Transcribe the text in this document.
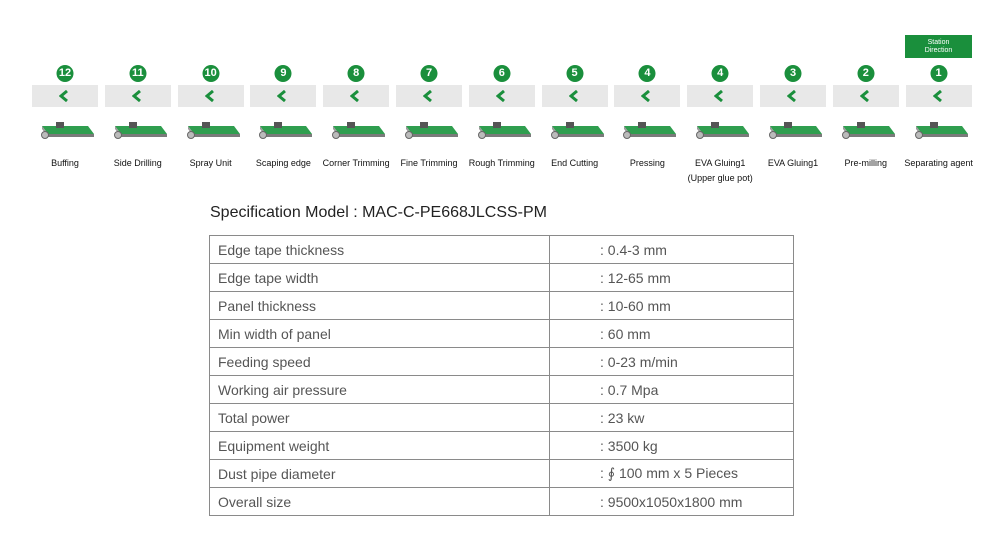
Station
Direction
12
Buffing
11
Side Drilling
10
Spray Unit
9
Scaping edge
8
Corner Trimming
7
Fine Trimming
6
Rough Trimming
5
End Cutting
4
Pressing
4
EVA Gluing1
(Upper glue pot)
3
EVA Gluing1
2
Pre-milling
1
Separating agent
Specification Model : MAC-C-PE668JLCSS-PM
Edge tape thickness	: 0.4-3 mm
Edge tape width	: 12-65 mm
Panel thickness	: 10-60 mm
Min width of panel	: 60 mm
Feeding speed	: 0-23 m/min
Working air pressure	: 0.7 Mpa
Total power	: 23 kw
Equipment weight	: 3500 kg
Dust pipe diameter	: ∮ 100 mm x 5 Pieces
Overall size	: 9500x1050x1800 mm
